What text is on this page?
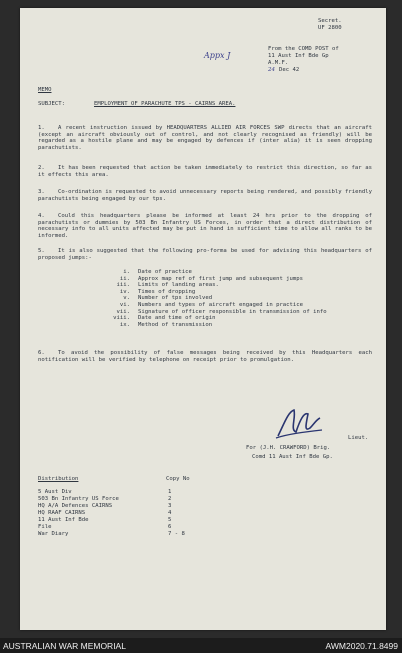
Secret.
UF 2800
Appx J
From the COMD POST of
11 Aust Inf Bde Gp
A.M.F.
24 Dec 42
MEMO
SUBJECT:	EMPLOYMENT OF PARACHUTE TPS - CAIRNS AREA.
1. A recent instruction issued by HEADQUARTERS ALLIED AIR FORCES SWP directs that an aircraft (except an aircraft obviously out of control, and not clearly recognised as friendly) will be regarded as a hostile plane and may be engaged by defences if (inter alia) it is seen dropping parachutists.
2. It has been requested that action be taken immediately to restrict this direction, so far as it effects this area.
3. Co-ordination is requested to avoid unnecessary reports being rendered, and possibly friendly parachutists being engaged by our tps.
4. Could this headquarters please be informed at least 24 hrs prior to the dropping of parachutists or dummies by 503 Bn Infantry US Forces, in order that a direct distribution of necessary info to all units affected may be put in hand in sufficient time to allow all ranks to be informed.
5. It is also suggested that the following pro-forma be used for advising this headquarters of proposed jumps:-
i.	Date of practice
ii.	Approx map ref of first jump and subsequent jumps
iii.	Limits of landing areas.
iv.	Times of dropping
v.	Number of tps involved
vi.	Numbers and types of aircraft engaged in practice
vii.	Signature of officer responsible in transmission of info
viii.	Date and time of origin
ix.	Method of transmission
6. To avoid the possibility of false messages being received by this Headquarters each notification will be verified by telephone on receipt prior to promulgation.
Lieut.
For (J.H. CRAWFORD) Brig.
Comd 11 Aust Inf Bde Gp.
Distribution	Copy No
5 Aust Div	1
503 Bn Infantry US Force	2
HQ A/A Defences CAIRNS	3
HQ RAAF CAIRNS	4
11 Aust Inf Bde	5
File	6
War Diary	7 - 8
AUSTRALIAN WAR MEMORIAL	AWM2020.71.8499
